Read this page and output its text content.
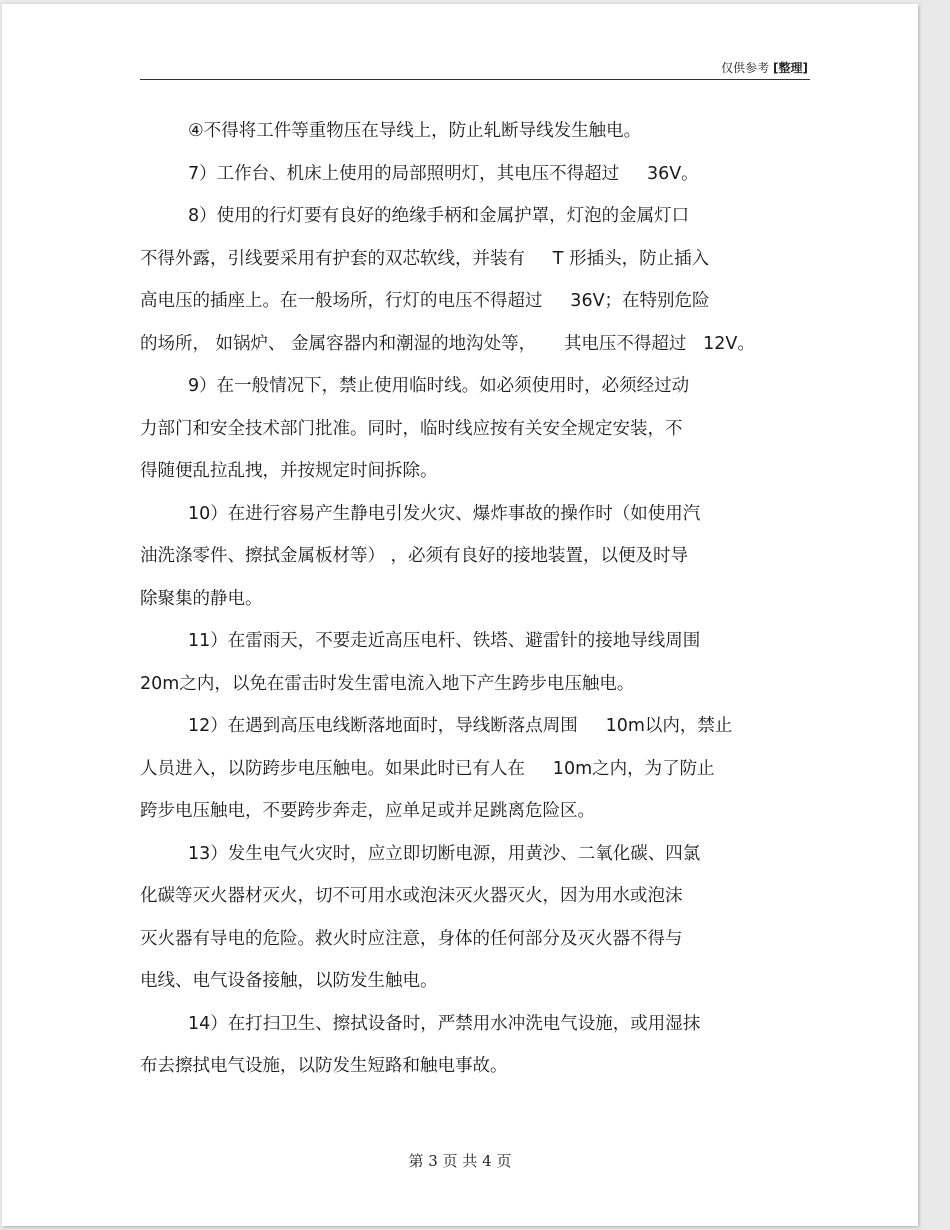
仅供参考 [整理]
④不得将工件等重物压在导线上，防止轧断导线发生触电。
7）工作台、机床上使用的局部照明灯，其电压不得超过     36V。
8）使用的行灯要有良好的绝缘手柄和金属护罩，灯泡的金属灯口
不得外露，引线要采用有护套的双芯软线，并装有     T 形插头，防止插入
高电压的插座上。在一般场所，行灯的电压不得超过     36V；在特别危险
的场所， 如锅炉、 金属容器内和潮湿的地沟处等，     其电压不得超过   12V。
9）在一般情况下，禁止使用临时线。如必须使用时，必须经过动
力部门和安全技术部门批准。同时，临时线应按有关安全规定安装，不
得随便乱拉乱拽，并按规定时间拆除。
10）在进行容易产生静电引发火灾、爆炸事故的操作时（如使用汽
油洗涤零件、擦拭金属板材等） ，必须有良好的接地装置，以便及时导
除聚集的静电。
11）在雷雨天，不要走近高压电杆、铁塔、避雷针的接地导线周围
20m之内，以免在雷击时发生雷电流入地下产生跨步电压触电。
12）在遇到高压电线断落地面时，导线断落点周围     10m以内，禁止
人员进入，以防跨步电压触电。如果此时已有人在     10m之内，为了防止
跨步电压触电，不要跨步奔走，应单足或并足跳离危险区。
13）发生电气火灾时，应立即切断电源，用黄沙、二氧化碳、四氯
化碳等灭火器材灭火，切不可用水或泡沫灭火器灭火，因为用水或泡沫
灭火器有导电的危险。救火时应注意，身体的任何部分及灭火器不得与
电线、电气设备接触，以防发生触电。
14）在打扫卫生、擦拭设备时，严禁用水冲洗电气设施，或用湿抹
布去擦拭电气设施，以防发生短路和触电事故。
第 3 页 共 4 页
